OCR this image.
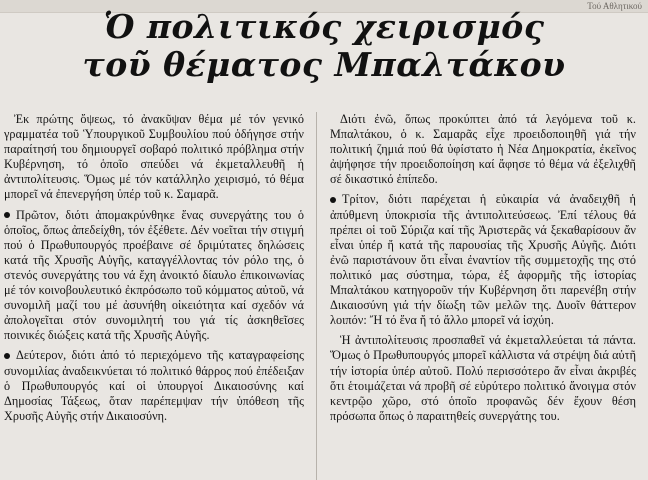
Τού Αθλητικού
Ὁ πολιτικός χειρισμός
τοῦ θέματος Μπαλτάκου

Ἐκ πρώτης ὄψεως, τό ἀνακῦψαν θέμα μέ τόν γενικό γραμματέα τοῦ Ὑπουργικοῦ Συμβουλίου πού ὁδήγησε στήν παραίτησή του δημιουργεῖ σοβαρό πολιτικό πρόβλημα στήν Κυβέρνηση, τό ὁποῖο σπεύδει νά ἐκμεταλλευθῆ ἡ ἀντιπολίτευσις. Ὅμως μέ τόν κατάλληλο χειρισμό, τό θέμα μπορεῖ νά ἐπενεργήση ὑπέρ τοῦ κ. Σαμαρᾶ.

Πρῶτον, διότι ἀπομακρύνθηκε ἕνας συνεργάτης του ὁ ὁποῖος, ὅπως ἀπεδείχθη, τόν ἐξέθετε. Δέν νοεῖται τήν στιγμή πού ὁ Πρωθυπουργός προέβαινε σέ δριμύτατες δηλώσεις κατά τῆς Χρυσῆς Αὐγῆς, καταγγέλλοντας τόν ρόλο της, ὁ στενός συνεργάτης του νά ἔχη ἀνοικτό δίαυλο ἐπικοινωνίας μέ τόν κοινοβουλευτικό ἐκπρόσωπο τοῦ κόμματος αὐτοῦ, νά συνομιλῆ μαζί του μέ ἀσυνήθη οἰκειότητα καί σχεδόν νά ἀπολογεῖται στόν συνομιλητή του γιά τίς ἀσκηθεῖσες ποινικές διώξεις κατά τῆς Χρυσῆς Αὐγῆς.

Δεύτερον, διότι ἀπό τό περιεχόμενο τῆς καταγραφείσης συνομιλίας ἀναδεικνύεται τό πολιτικό θάρρος πού ἐπέδειξαν ὁ Πρωθυπουργός καί οἱ ὑπουργοί Δικαιοσύνης καί Δημοσίας Τάξεως, ὅταν παρέπεμψαν τήν ὑπόθεση τῆς Χρυσῆς Αὐγῆς στήν Δικαιοσύνη.

Διότι ἐνῶ, ὅπως προκύπτει ἀπό τά λεγόμενα τοῦ κ. Μπαλτάκου, ὁ κ. Σαμαρᾶς εἶχε προειδοποιηθῆ γιά τήν πολιτική ζημιά πού θά ὑφίστατο ἡ Νέα Δημοκρατία, ἐκεῖνος ἀψήφησε τήν προειδοποίηση καί ἄφησε τό θέμα νά ἐξελιχθῆ σέ δικαστικό ἐπίπεδο.

Τρίτον, διότι παρέχεται ἡ εὐκαιρία νά ἀναδειχθῆ ἡ ἀπύθμενη ὑποκρισία τῆς ἀντιπολιτεύσεως. Ἐπί τέλους θά πρέπει οἱ τοῦ Σύριζα καί τῆς Ἀριστερᾶς νά ξεκαθαρίσουν ἄν εἶναι ὑπέρ ἤ κατά τῆς παρουσίας τῆς Χρυσῆς Αὐγῆς. Διότι ἐνῶ παριστάνουν ὅτι εἶναι ἐναντίον τῆς συμμετοχῆς της στό πολιτικό μας σύστημα, τώρα, ἐξ ἀφορμῆς τῆς ἱστορίας Μπαλτάκου κατηγοροῦν τήν Κυβέρνηση ὅτι παρενέβη στήν Δικαιοσύνη γιά τήν δίωξη τῶν μελῶν της. Δυοῖν θάττερον λοιπόν: Ἤ τό ἕνα ἤ τό ἄλλο μπορεῖ νά ἰσχύη.

Ἡ ἀντιπολίτευσις προσπαθεῖ νά ἐκμεταλλεύεται τά πάντα. Ὅμως ὁ Πρωθυπουργός μπορεῖ κάλλιστα νά στρέψη διά αὐτῆ τήν ἱστορία ὑπέρ αὐτοῦ. Πολύ περισσότερο ἄν εἶναι ἀκριβές ὅτι ἑτοιμάζεται νά προβῆ σέ εὐρύτερο πολιτικό ἄνοιγμα στόν κεντρῷο χῶρο, στό ὁποῖο προφανῶς δέν ἔχουν θέση πρόσωπα ὅπως ὁ παραιτηθείς συνεργάτης του.
